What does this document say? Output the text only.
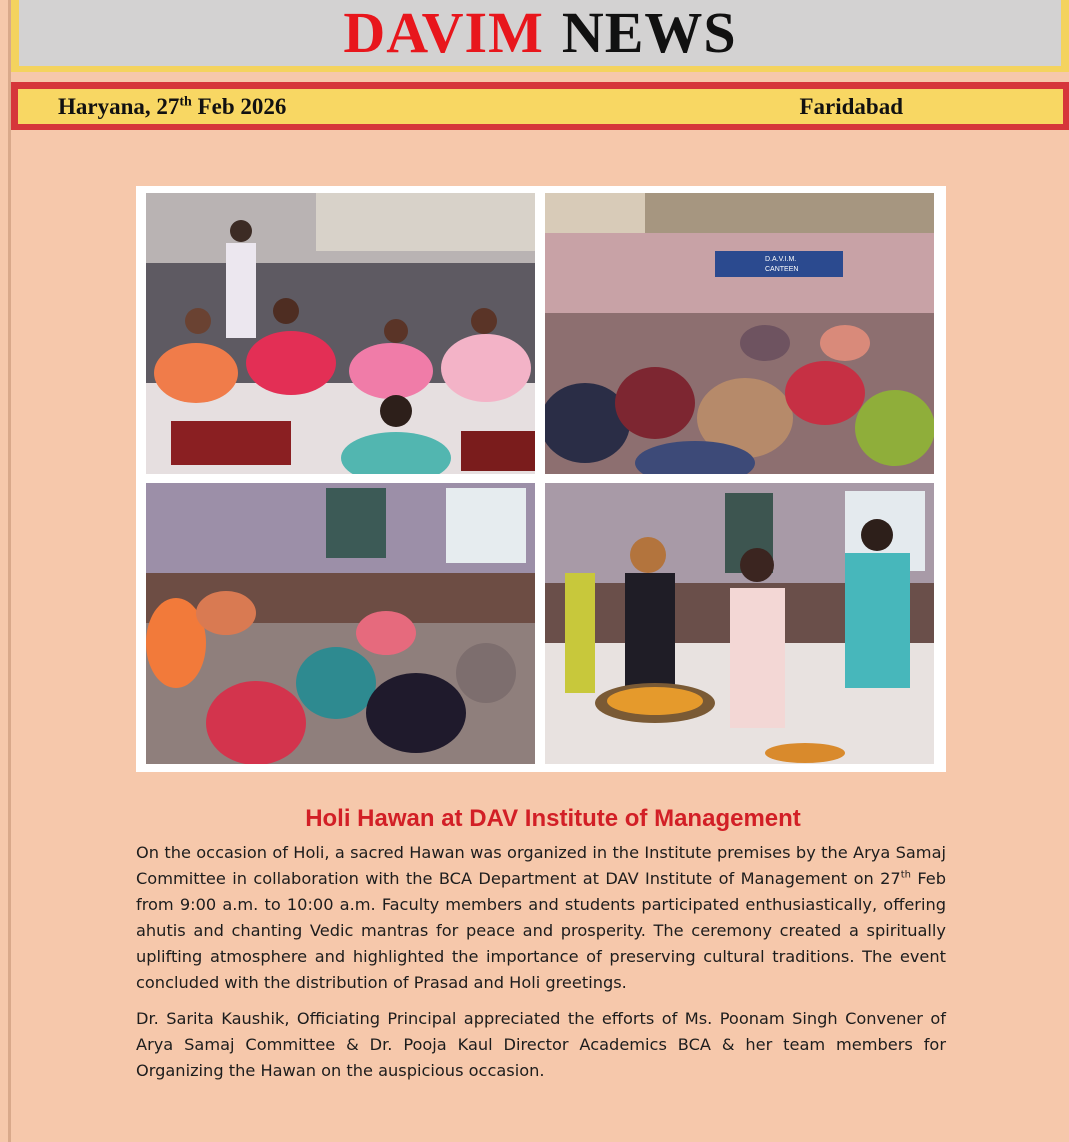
DAVIM NEWS
Haryana, 27th Feb 2026	Faridabad
D.A.V.I.M.
CANTEEN
Holi Hawan at DAV Institute of Management

On the occasion of Holi, a sacred Hawan was organized in the Institute premises by the Arya Samaj Committee in collaboration with the BCA Department at DAV Institute of Management on 27th Feb from 9:00 a.m. to 10:00 a.m. Faculty members and students participated enthusiastically, offering ahutis and chanting Vedic mantras for peace and prosperity. The ceremony created a spiritually uplifting atmosphere and highlighted the importance of preserving cultural traditions. The event concluded with the distribution of Prasad and Holi greetings.

Dr. Sarita Kaushik, Officiating Principal appreciated the efforts of Ms. Poonam Singh Convener of Arya Samaj Committee & Dr. Pooja Kaul Director Academics BCA & her team members for Organizing the Hawan on the auspicious occasion.
